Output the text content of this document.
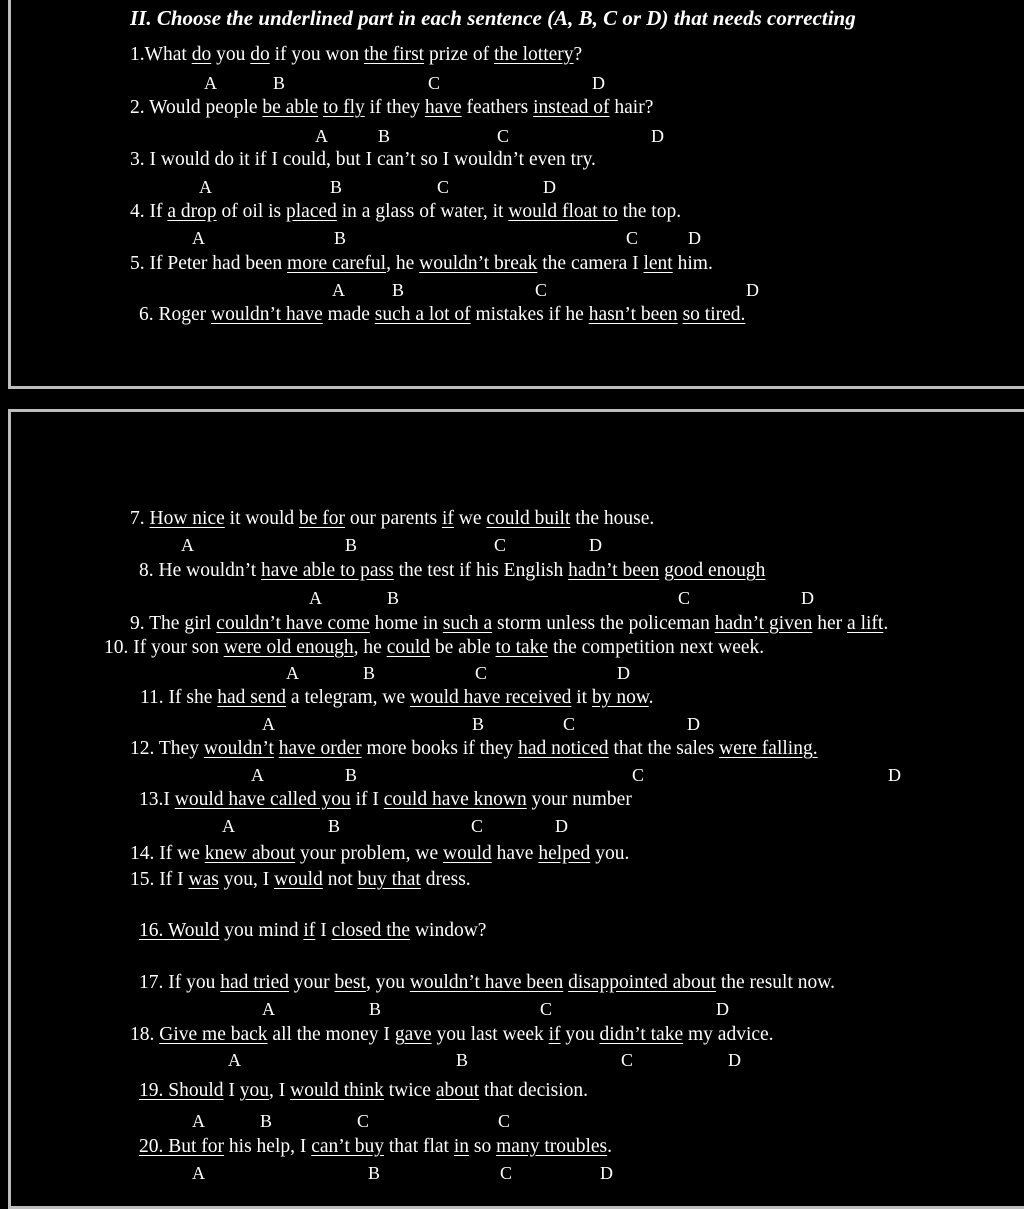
II. Choose the underlined part in each sentence (A, B, C or D) that needs correcting
1.What do you do if you won the first prize of the lottery?
A	B	C	D
2. Would people be able to fly if they have feathers instead of hair?
A	B	C	D
3. I would do it if I could, but I can’t so I wouldn’t even try.
A	B	C	D
4. If a drop of oil is placed in a glass of water, it would float to the top.
A	B	C	D
5. If Peter had been more careful, he wouldn’t break the camera I lent him.
A	B	C	D
6. Roger wouldn’t have made such a lot of mistakes if he hasn’t been so tired.
7. How nice it would be for our parents if we could built the house.
A	B	C	D
8. He wouldn’t have able to pass the test if his English hadn’t been good enough
A	B	C	D
9. The girl couldn’t have come home in such a storm unless the policeman hadn’t given her a lift.
10. If your son were old enough, he could be able to take the competition next week.
A	B	C	D
11. If she had send a telegram, we would have received it by now.
A	B	C	D
12. They wouldn’t have order more books if they had noticed that the sales were falling.
A	B	C	D
13.I would have called you if I could have known your number
A	B	C	D
14. If we knew about your problem, we would have helped you.
15. If I was you, I would not buy that dress.
16. Would you mind if I closed the window?
17. If you had tried your best, you wouldn’t have been disappointed about the result now.
A	B	C	D
18. Give me back all the money I gave you last week if you didn’t take my advice.
A	B	C	D
19. Should I you, I would think twice about that decision.
A	B	C	C
20. But for his help, I can’t buy that flat in so many troubles.
A	B	C	D
